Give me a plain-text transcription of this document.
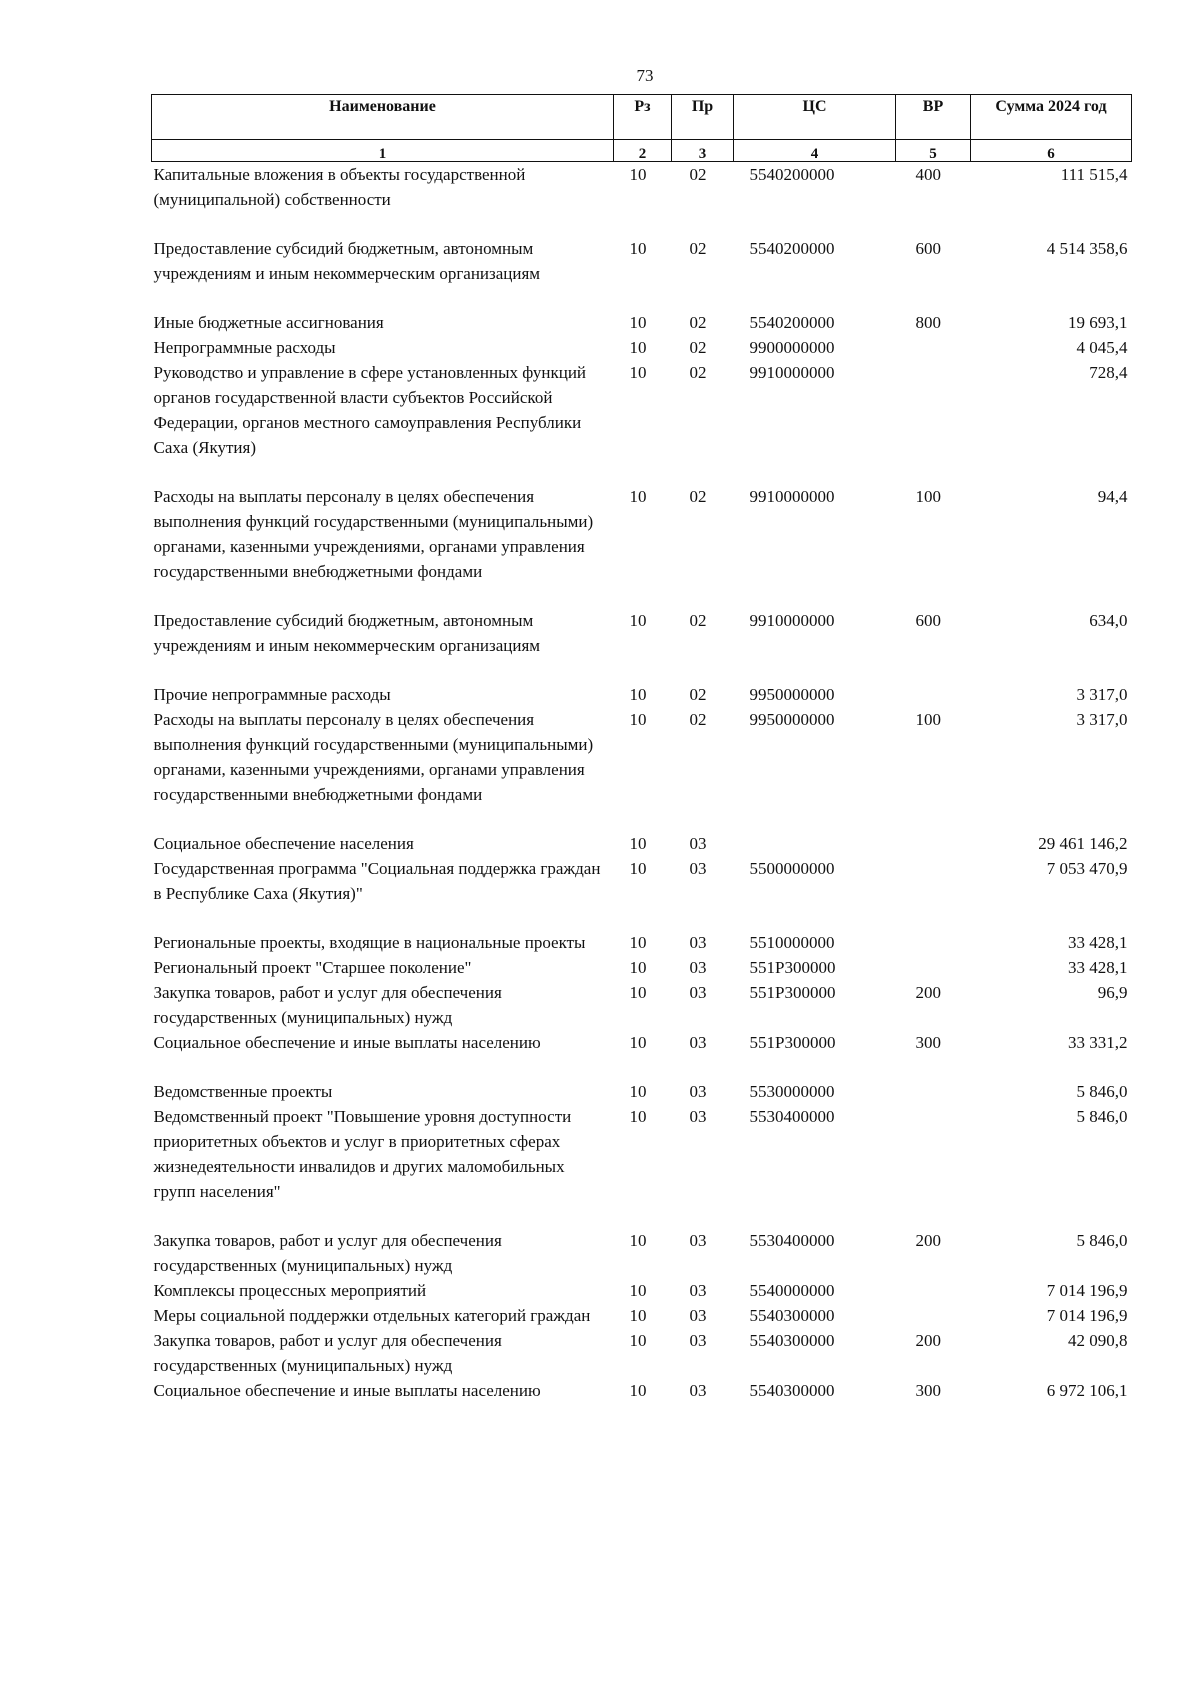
73
Наименование	Рз	Пр	ЦС	ВР	Сумма 2024 год
1	2	3	4	5	6
Капитальные вложения в объекты государственной (муниципальной) собственности	10	02	5540200000	400	111 515,4
Предоставление субсидий бюджетным, автономным учреждениям и иным некоммерческим организациям	10	02	5540200000	600	4 514 358,6
Иные бюджетные ассигнования	10	02	5540200000	800	19 693,1
Непрограммные расходы	10	02	9900000000		4 045,4
Руководство и управление в сфере установленных функций органов государственной власти субъектов Российской Федерации, органов местного самоуправления Республики Саха (Якутия)	10	02	9910000000		728,4
Расходы на выплаты персоналу в целях обеспечения выполнения функций государственными (муниципальными) органами, казенными учреждениями, органами управления государственными внебюджетными фондами	10	02	9910000000	100	94,4
Предоставление субсидий бюджетным, автономным учреждениям и иным некоммерческим организациям	10	02	9910000000	600	634,0
Прочие непрограммные расходы	10	02	9950000000		3 317,0
Расходы на выплаты персоналу в целях обеспечения выполнения функций государственными (муниципальными) органами, казенными учреждениями, органами управления государственными внебюджетными фондами	10	02	9950000000	100	3 317,0
Социальное обеспечение населения	10	03			29 461 146,2
Государственная программа "Социальная поддержка граждан в Республике Саха (Якутия)"	10	03	5500000000		7 053 470,9
Региональные проекты, входящие в национальные проекты	10	03	5510000000		33 428,1
Региональный проект "Старшее поколение"	10	03	551P300000		33 428,1
Закупка товаров, работ и услуг для обеспечения государственных (муниципальных) нужд	10	03	551P300000	200	96,9
Социальное обеспечение и иные выплаты населению	10	03	551P300000	300	33 331,2
Ведомственные проекты	10	03	5530000000		5 846,0
Ведомственный проект "Повышение уровня доступности приоритетных объектов и услуг в приоритетных сферах жизнедеятельности инвалидов и других маломобильных групп населения"	10	03	5530400000		5 846,0
Закупка товаров, работ и услуг для обеспечения государственных (муниципальных) нужд	10	03	5530400000	200	5 846,0
Комплексы процессных мероприятий	10	03	5540000000		7 014 196,9
Меры социальной поддержки отдельных категорий граждан	10	03	5540300000		7 014 196,9
Закупка товаров, работ и услуг для обеспечения государственных (муниципальных) нужд	10	03	5540300000	200	42 090,8
Социальное обеспечение и иные выплаты населению	10	03	5540300000	300	6 972 106,1
